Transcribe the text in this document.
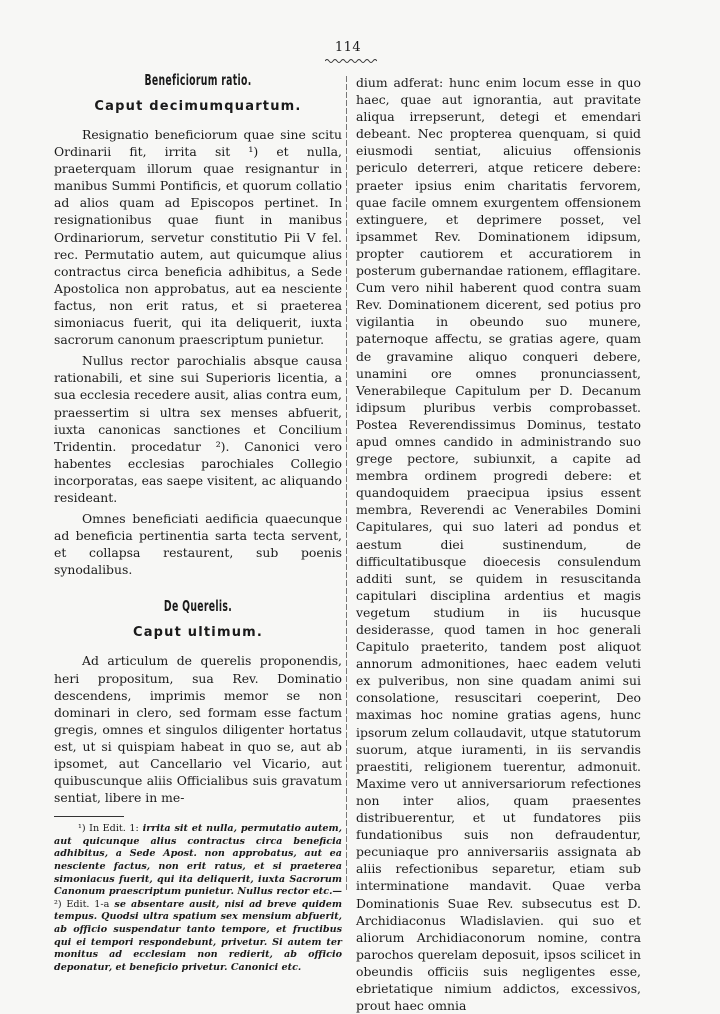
114
Beneficiorum ratio.
Caput decimumquartum.

Resignatio beneficiorum quae sine scitu Ordinarii fit, irrita sit ¹) et nulla, praeterquam illorum quae resignantur in manibus Summi Pontificis, et quorum collatio ad alios quam ad Episcopos pertinet. In resignationibus quae fiunt in manibus Ordinariorum, servetur constitutio Pii V fel. rec. Permutatio autem, aut quicumque alius contractus circa beneficia adhibitus, a Sede Apostolica non approbatus, aut ea nesciente factus, non erit ratus, et si praeterea simoniacus fuerit, qui ita deliquerit, iuxta sacrorum canonum praescriptum punietur.

Nullus rector parochialis absque causa rationabili, et sine sui Superioris licentia, a sua ecclesia recedere ausit, alias contra eum, praessertim si ultra sex menses abfuerit, iuxta canonicas sanctiones et Concilium Tridentin. procedatur ²). Canonici vero habentes ecclesias parochiales Collegio incorporatas, eas saepe visitent, ac aliquando resideant.

Omnes beneficiati aedificia quaecunque ad beneficia pertinentia sarta tecta servent, et collapsa restaurent, sub poenis synodalibus.

De Querelis.
Caput ultimum.

Ad articulum de querelis proponendis, heri propositum, sua Rev. Dominatio descendens, imprimis memor se non dominari in clero, sed formam esse factum gregis, omnes et singulos diligenter hortatus est, ut si quispiam habeat in quo se, aut ab ipsomet, aut Cancellario vel Vicario, aut quibuscunque aliis Officialibus suis gravatum sentiat, libere in me-

¹) In Edit. 1: irrita sit et nulla, permutatio autem, aut quicunque alius contractus circa beneficia adhibitus, a Sede Apost. non approbatus, aut ea nesciente factus, non erit ratus, et si praeterea simoniacus fuerit, qui ita deliquerit, iuxta Sacrorum Canonum praescriptum punietur. Nullus rector etc.—²) Edit. 1-a se absentare ausit, nisi ad breve quidem tempus. Quodsi ultra spatium sex mensium abfuerit, ab officio suspendatur tanto tempore, et fructibus qui ei tempori respondebunt, privetur. Si autem ter monitus ad ecclesiam non redierit, ab officio deponatur, et beneficio privetur. Canonici etc.

dium adferat: hunc enim locum esse in quo haec, quae aut ignorantia, aut pravitate aliqua irrepserunt, detegi et emendari debeant. Nec propterea quenquam, si quid eiusmodi sentiat, alicuius offensionis periculo deterreri, atque reticere debere: praeter ipsius enim charitatis fervorem, quae facile omnem exurgentem offensionem extinguere, et deprimere posset, vel ipsammet Rev. Dominationem idipsum, propter cautiorem et accuratiorem in posterum gubernandae rationem, efflagitare. Cum vero nihil haberent quod contra suam Rev. Dominationem dicerent, sed potius pro vigilantia in obeundo suo munere, paternoque affectu, se gratias agere, quam de gravamine aliquo conqueri debere, unamini ore omnes pronunciassent, Venerabileque Capitulum per D. Decanum idipsum pluribus verbis comprobasset. Postea Reverendissimus Dominus, testato apud omnes candido in administrando suo grege pectore, subiunxit, a capite ad membra ordinem progredi debere: et quandoquidem praecipua ipsius essent membra, Reverendi ac Venerabiles Domini Capitulares, qui suo lateri ad pondus et aestum diei sustinendum, de difficultatibusque dioecesis consulendum additi sunt, se quidem in resuscitanda capitulari disciplina ardentius et magis vegetum studium in iis hucusque desiderasse, quod tamen in hoc generali Capitulo praeterito, tandem post aliquot annorum admonitiones, haec eadem veluti ex pulveribus, non sine quadam animi sui consolatione, resuscitari coeperint, Deo maximas hoc nomine gratias agens, hunc ipsorum zelum collaudavit, utque statutorum suorum, atque iuramenti, in iis servandis praestiti, religionem tuerentur, admonuit. Maxime vero ut anniversariorum refectiones non inter alios, quam praesentes distribuerentur, et ut fundatores piis fundationibus suis non defraudentur, pecuniaque pro anniversariis assignata ab aliis refectionibus separetur, etiam sub interminatione mandavit. Quae verba Dominationis Suae Rev. subsecutus est D. Archidiaconus Wladislavien. qui suo et aliorum Archidiaconorum nomine, contra parochos querelam deposuit, ipsos scilicet in obeundis officiis suis negligentes esse, ebrietatique nimium addictos, excessivos, prout haec omnia
